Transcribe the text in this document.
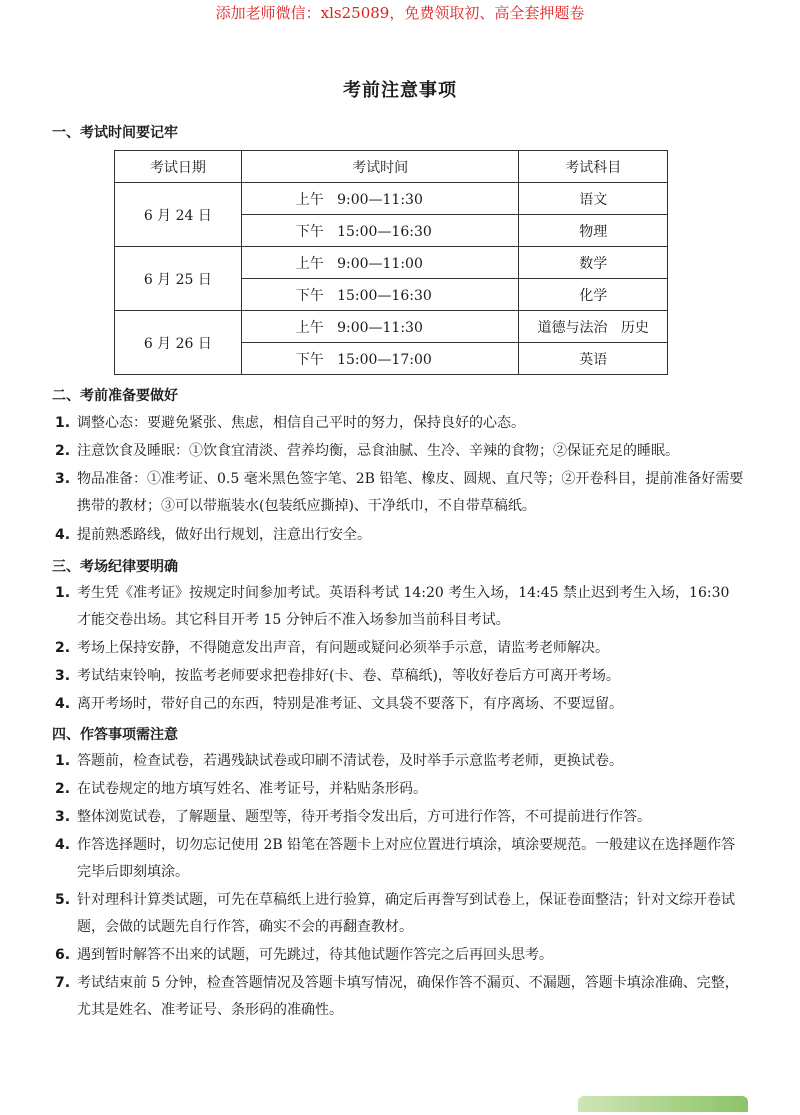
添加老师微信：xls25089，免费领取初、高全套押题卷
考前注意事项
一、考试时间要记牢
考试日期	考试时间	考试科目
6 月 24 日	上午   9:00—11:30	语文
	下午   15:00—16:30	物理
6 月 25 日	上午   9:00—11:00	数学
	下午   15:00—16:30	化学
6 月 26 日	上午   9:00—11:30	道德与法治   历史
	下午   15:00—17:00	英语
二、考前准备要做好
1. 调整心态：要避免紧张、焦虑，相信自己平时的努力，保持良好的心态。
2. 注意饮食及睡眠：①饮食宜清淡、营养均衡，忌食油腻、生冷、辛辣的食物；②保证充足的睡眠。
3. 物品准备：①准考证、0.5 毫米黑色签字笔、2B 铅笔、橡皮、圆规、直尺等；②开卷科目，提前准备好需要携带的教材；③可以带瓶装水(包装纸应撕掉)、干净纸巾，不自带草稿纸。
4. 提前熟悉路线，做好出行规划，注意出行安全。
三、考场纪律要明确
1. 考生凭《准考证》按规定时间参加考试。英语科考试 14:20 考生入场，14:45 禁止迟到考生入场，16:30 才能交卷出场。其它科目开考 15 分钟后不准入场参加当前科目考试。
2. 考场上保持安静，不得随意发出声音，有问题或疑问必须举手示意，请监考老师解决。
3. 考试结束铃响，按监考老师要求把卷排好(卡、卷、草稿纸)，等收好卷后方可离开考场。
4. 离开考场时，带好自己的东西，特别是准考证、文具袋不要落下，有序离场、不要逗留。
四、作答事项需注意
1. 答题前，检查试卷，若遇残缺试卷或印刷不清试卷，及时举手示意监考老师，更换试卷。
2. 在试卷规定的地方填写姓名、准考证号，并粘贴条形码。
3. 整体浏览试卷，了解题量、题型等，待开考指令发出后，方可进行作答，不可提前进行作答。
4. 作答选择题时，切勿忘记使用 2B 铅笔在答题卡上对应位置进行填涂，填涂要规范。一般建议在选择题作答完毕后即刻填涂。
5. 针对理科计算类试题，可先在草稿纸上进行验算，确定后再誊写到试卷上，保证卷面整洁；针对文综开卷试题，会做的试题先自行作答，确实不会的再翻查教材。
6. 遇到暂时解答不出来的试题，可先跳过，待其他试题作答完之后再回头思考。
7. 考试结束前 5 分钟，检查答题情况及答题卡填写情况，确保作答不漏页、不漏题，答题卡填涂准确、完整，尤其是姓名、准考证号、条形码的准确性。
